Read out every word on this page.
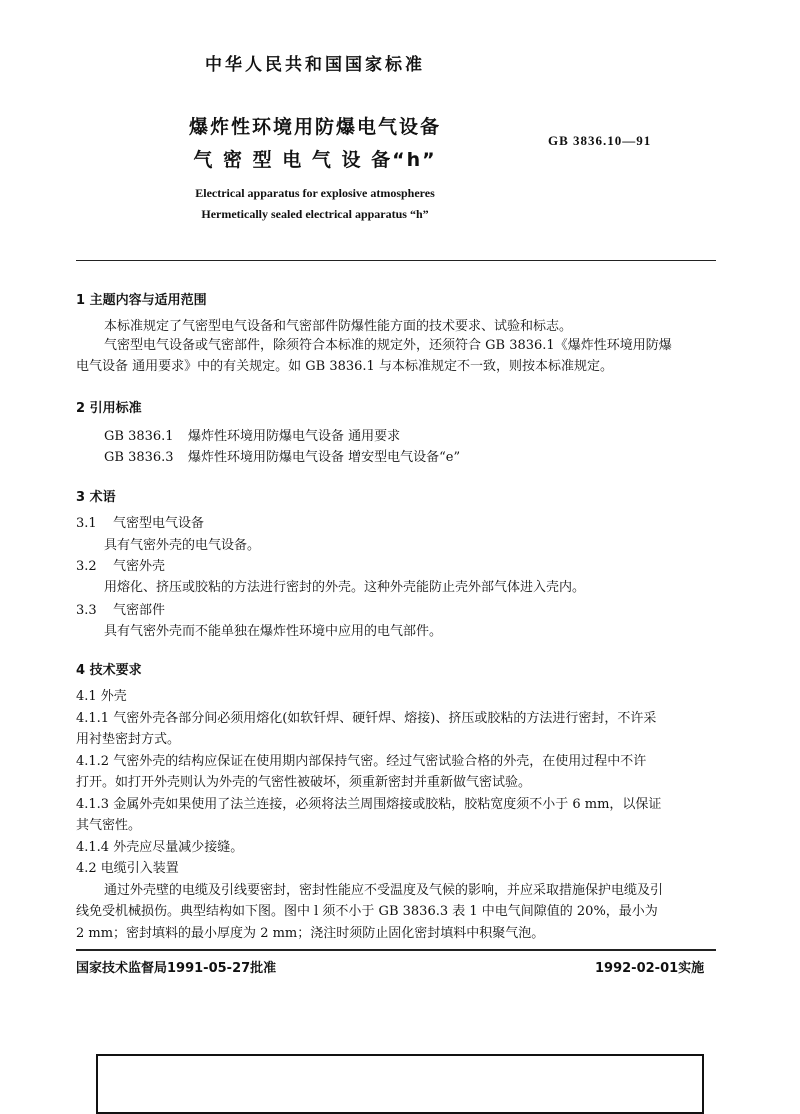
中华人民共和国国家标准
爆炸性环境用防爆电气设备
气 密 型 电 气 设 备“h”
GB 3836.10—91
Electrical apparatus for explosive atmospheres
Hermetically sealed electrical apparatus “h”
1 主题内容与适用范围
本标准规定了气密型电气设备和气密部件防爆性能方面的技术要求、试验和标志。
气密型电气设备或气密部件，除须符合本标准的规定外，还须符合 GB 3836.1《爆炸性环境用防爆
电气设备 通用要求》中的有关规定。如 GB 3836.1 与本标准规定不一致，则按本标准规定。
2 引用标准
GB 3836.1 爆炸性环境用防爆电气设备 通用要求
GB 3836.3 爆炸性环境用防爆电气设备 增安型电气设备“e”
3 术语
3.1 气密型电气设备
具有气密外壳的电气设备。
3.2 气密外壳
用熔化、挤压或胶粘的方法进行密封的外壳。这种外壳能防止壳外部气体进入壳内。
3.3 气密部件
具有气密外壳而不能单独在爆炸性环境中应用的电气部件。
4 技术要求
4.1 外壳
4.1.1 气密外壳各部分间必须用熔化(如软钎焊、硬钎焊、熔接)、挤压或胶粘的方法进行密封，不许采
用衬垫密封方式。
4.1.2 气密外壳的结构应保证在使用期内部保持气密。经过气密试验合格的外壳，在使用过程中不许
打开。如打开外壳则认为外壳的气密性被破坏，须重新密封并重新做气密试验。
4.1.3 金属外壳如果使用了法兰连接，必须将法兰周围熔接或胶粘，胶粘宽度须不小于 6 mm，以保证
其气密性。
4.1.4 外壳应尽量减少接缝。
4.2 电缆引入装置
通过外壳壁的电缆及引线要密封，密封性能应不受温度及气候的影响，并应采取措施保护电缆及引
线免受机械损伤。典型结构如下图。图中 l 须不小于 GB 3836.3 表 1 中电气间隙值的 20%，最小为
2 mm；密封填料的最小厚度为 2 mm；浇注时须防止固化密封填料中积聚气泡。
国家技术监督局1991-05-27批准	1992-02-01实施
